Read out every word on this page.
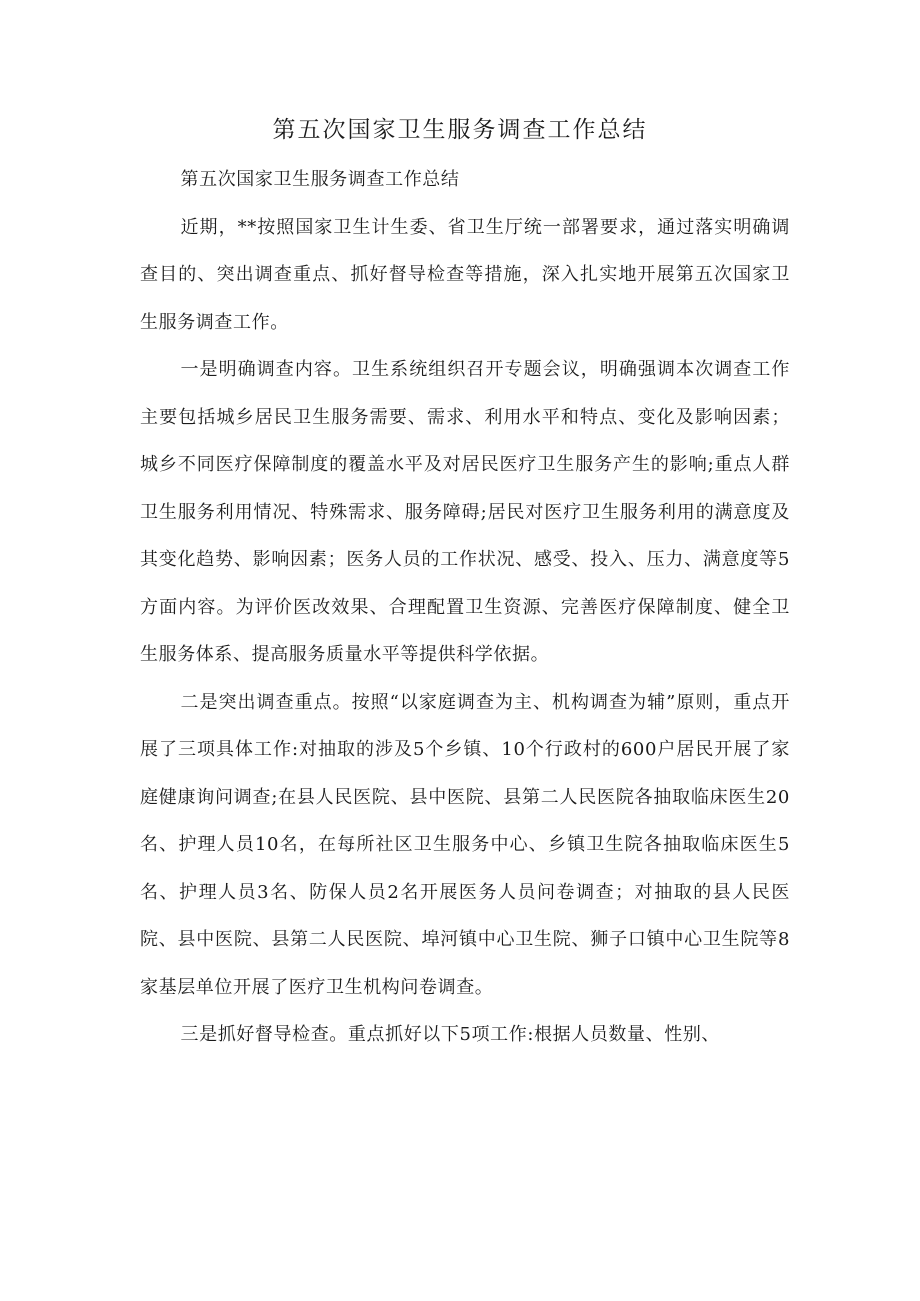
第五次国家卫生服务调查工作总结

第五次国家卫生服务调查工作总结

近期，**按照国家卫生计生委、省卫生厅统一部署要求，通过落实明确调查目的、突出调查重点、抓好督导检查等措施，深入扎实地开展第五次国家卫生服务调查工作。

一是明确调查内容。卫生系统组织召开专题会议，明确强调本次调查工作主要包括城乡居民卫生服务需要、需求、利用水平和特点、变化及影响因素；城乡不同医疗保障制度的覆盖水平及对居民医疗卫生服务产生的影响;重点人群卫生服务利用情况、特殊需求、服务障碍;居民对医疗卫生服务利用的满意度及其变化趋势、影响因素；医务人员的工作状况、感受、投入、压力、满意度等5方面内容。为评价医改效果、合理配置卫生资源、完善医疗保障制度、健全卫生服务体系、提高服务质量水平等提供科学依据。

二是突出调查重点。按照“以家庭调查为主、机构调查为辅”原则，重点开展了三项具体工作:对抽取的涉及5个乡镇、10个行政村的600户居民开展了家庭健康询问调查;在县人民医院、县中医院、县第二人民医院各抽取临床医生20名、护理人员10名，在每所社区卫生服务中心、乡镇卫生院各抽取临床医生5名、护理人员3名、防保人员2名开展医务人员问卷调查；对抽取的县人民医院、县中医院、县第二人民医院、埠河镇中心卫生院、狮子口镇中心卫生院等8家基层单位开展了医疗卫生机构问卷调查。

三是抓好督导检查。重点抓好以下5项工作:根据人员数量、性别、
